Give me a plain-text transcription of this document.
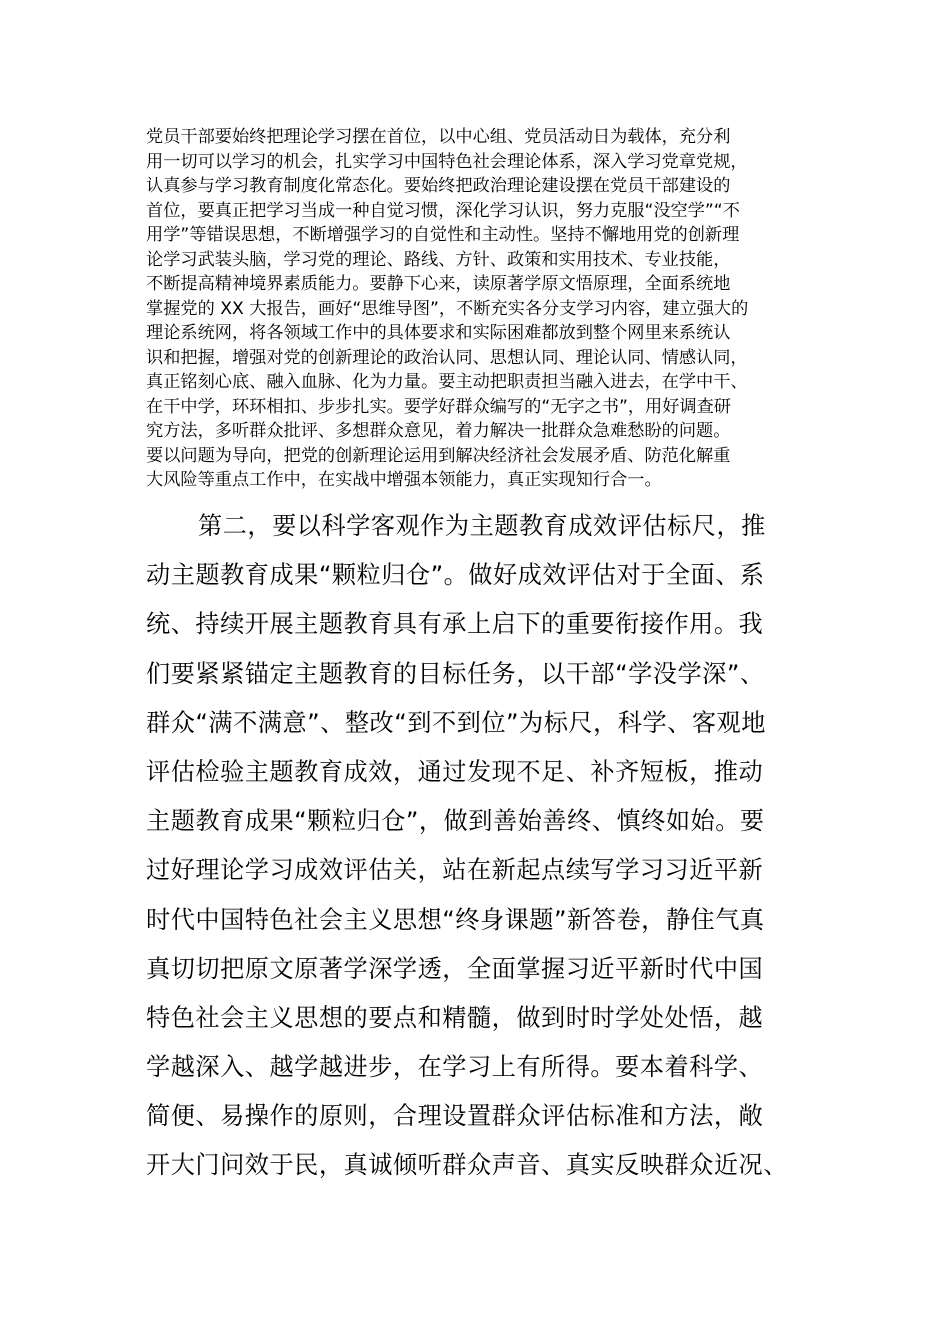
党员干部要始终把理论学习摆在首位，以中心组、党员活动日为载体，充分利
用一切可以学习的机会，扎实学习中国特色社会理论体系，深入学习党章党规，
认真参与学习教育制度化常态化。要始终把政治理论建设摆在党员干部建设的
首位，要真正把学习当成一种自觉习惯，深化学习认识，努力克服“没空学”“不
用学”等错误思想，不断增强学习的自觉性和主动性。坚持不懈地用党的创新理
论学习武装头脑，学习党的理论、路线、方针、政策和实用技术、专业技能，
不断提高精神境界素质能力。要静下心来，读原著学原文悟原理，全面系统地
掌握党的 XX 大报告，画好“思维导图”，不断充实各分支学习内容，建立强大的
理论系统网，将各领域工作中的具体要求和实际困难都放到整个网里来系统认
识和把握，增强对党的创新理论的政治认同、思想认同、理论认同、情感认同，
真正铭刻心底、融入血脉、化为力量。要主动把职责担当融入进去，在学中干、
在干中学，环环相扣、步步扎实。要学好群众编写的“无字之书”，用好调查研
究方法，多听群众批评、多想群众意见，着力解决一批群众急难愁盼的问题。
要以问题为导向，把党的创新理论运用到解决经济社会发展矛盾、防范化解重
大风险等重点工作中，在实战中增强本领能力，真正实现知行合一。
第二，要以科学客观作为主题教育成效评估标尺，推
动主题教育成果“颗粒归仓”。做好成效评估对于全面、系
统、持续开展主题教育具有承上启下的重要衔接作用。我
们要紧紧锚定主题教育的目标任务，以干部“学没学深”、
群众“满不满意”、整改“到不到位”为标尺，科学、客观地
评估检验主题教育成效，通过发现不足、补齐短板，推动
主题教育成果“颗粒归仓”，做到善始善终、慎终如始。要
过好理论学习成效评估关，站在新起点续写学习习近平新
时代中国特色社会主义思想“终身课题”新答卷，静住气真
真切切把原文原著学深学透，全面掌握习近平新时代中国
特色社会主义思想的要点和精髓，做到时时学处处悟，越
学越深入、越学越进步，在学习上有所得。要本着科学、
简便、易操作的原则，合理设置群众评估标准和方法，敞
开大门问效于民，真诚倾听群众声音、真实反映群众近况、
